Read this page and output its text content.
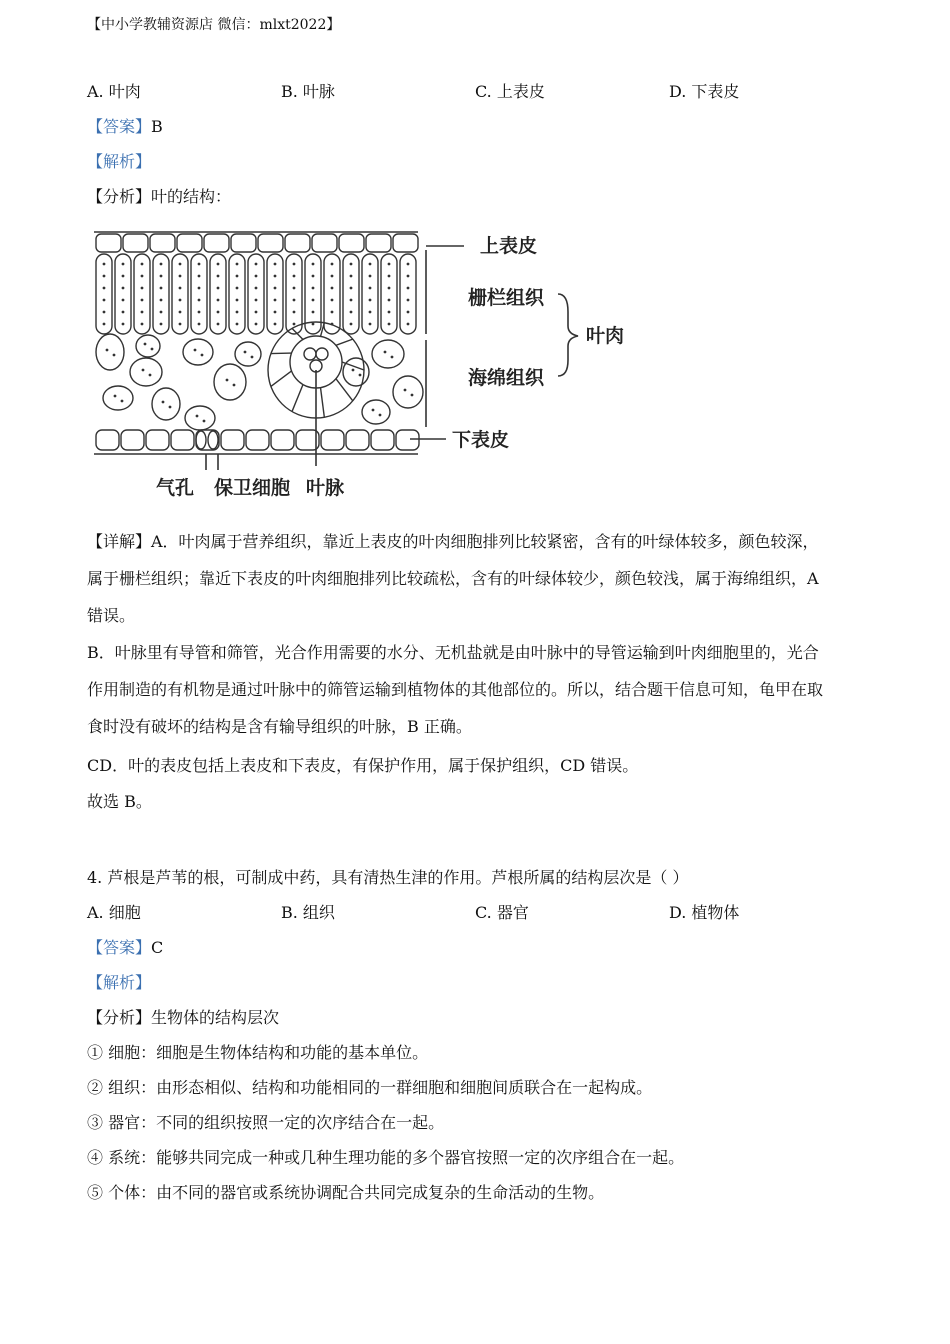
【中小学教辅资源店 微信：mlxt2022】
A. 叶肉	B. 叶脉	C. 上表皮	D. 下表皮
【答案】B
【解析】
【分析】叶的结构：
上表皮
栅栏组织
叶肉
海绵组织
下表皮
气孔 保卫细胞 叶脉
【详解】A．叶肉属于营养组织，靠近上表皮的叶肉细胞排列比较紧密，含有的叶绿体较多，颜色较深，
属于栅栏组织；靠近下表皮的叶肉细胞排列比较疏松，含有的叶绿体较少，颜色较浅，属于海绵组织，A
错误。
B．叶脉里有导管和筛管，光合作用需要的水分、无机盐就是由叶脉中的导管运输到叶肉细胞里的，光合
作用制造的有机物是通过叶脉中的筛管运输到植物体的其他部位的。所以，结合题干信息可知，龟甲在取
食时没有破坏的结构是含有输导组织的叶脉，B 正确。
CD．叶的表皮包括上表皮和下表皮，有保护作用，属于保护组织，CD 错误。
故选 B。
4. 芦根是芦苇的根，可制成中药，具有清热生津的作用。芦根所属的结构层次是（ ）
A. 细胞	B. 组织	C. 器官	D. 植物体
【答案】C
【解析】
【分析】生物体的结构层次
① 细胞：细胞是生物体结构和功能的基本单位。
② 组织：由形态相似、结构和功能相同的一群细胞和细胞间质联合在一起构成。
③ 器官：不同的组织按照一定的次序结合在一起。
④ 系统：能够共同完成一种或几种生理功能的多个器官按照一定的次序组合在一起。
⑤ 个体：由不同的器官或系统协调配合共同完成复杂的生命活动的生物。
